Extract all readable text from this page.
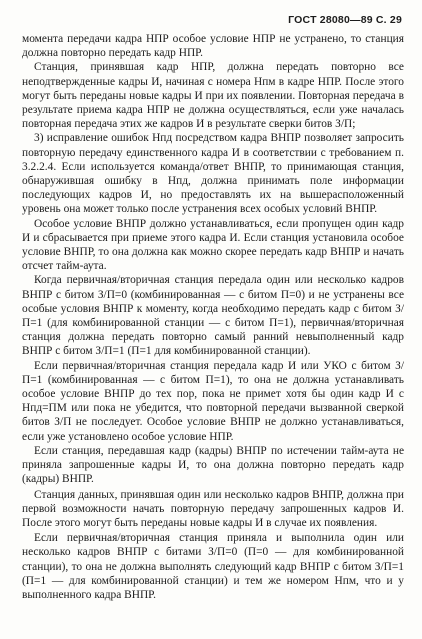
ГОСТ 28080—89 С. 29

момента передачи кадра НПР особое условие НПР не устранено, то станция должна повторно передать кадр НПР.

Станция, принявшая кадр НПР, должна передать повторно все неподтвержденные кадры И, начиная с номера Нпм в кадре НПР. После этого могут быть переданы новые кадры И при их появлении. Повторная передача в результате приема кадра НПР не должна осуществляться, если уже началась повторная передача этих же кадров И в результате сверки битов З/П;

3) исправление ошибок Нпд посредством кадра ВНПР позволяет запросить повторную передачу единственного кадра И в соответствии с требованием п. 3.2.2.4. Если используется команда/ответ ВНПР, то принимающая станция, обнаружившая ошибку в Нпд, должна принимать поле информации последующих кадров И, но предоставлять их на вышерасположенный уровень она может только после устранения всех особых условий ВНПР.

Особое условие ВНПР должно устанавливаться, если пропущен один кадр И и сбрасывается при приеме этого кадра И. Если станция установила особое условие ВНПР, то она должна как можно скорее передать кадр ВНПР и начать отсчет тайм-аута.

Когда первичная/вторичная станция передала один или несколько кадров ВНПР с битом З/П=0 (комбинированная — с битом П=0) и не устранены все особые условия ВНПР к моменту, когда необходимо передать кадр с битом З/П=1 (для комбинированной станции — с битом П=1), первичная/вторичная станция должна передать повторно самый ранний невыполненный кадр ВНПР с битом З/П=1 (П=1 для комбинированной станции).

Если первичная/вторичная станция передала кадр И или УКО с битом З/П=1 (комбинированная — с битом П=1), то она не должна устанавливать особое условие ВНПР до тех пор, пока не примет хотя бы один кадр И с Нпд=ПМ или пока не убедится, что повторной передачи вызванной сверкой битов З/П не последует. Особое условие ВНПР не должно устанавливаться, если уже установлено особое условие НПР.

Если станция, передавшая кадр (кадры) ВНПР по истечении тайм-аута не приняла запрошенные кадры И, то она должна повторно передать кадр (кадры) ВНПР.

Станция данных, принявшая один или несколько кадров ВНПР, должна при первой возможности начать повторную передачу запрошенных кадров И. После этого могут быть переданы новые кадры И в случае их появления.

Если первичная/вторичная станция приняла и выполнила один или несколько кадров ВНПР с битами З/П=0 (П=0 — для комбинированной станции), то она не должна выполнять следующий кадр ВНПР с битом З/П=1 (П=1 — для комбинированной станции) и тем же номером Нпм, что и у выполненного кадра ВНПР.
